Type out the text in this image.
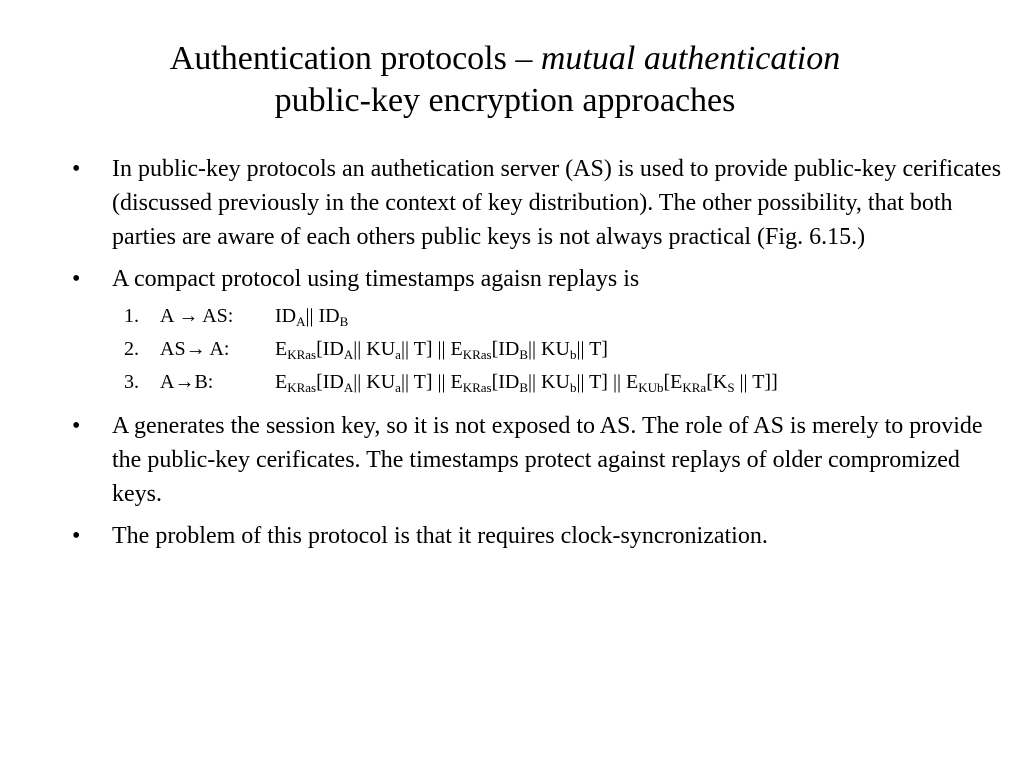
Authentication protocols – mutual authentication
public-key encryption approaches
• In public-key protocols an authetication server (AS) is used to provide public-key cerificates (discussed previously in the context of key distribution). The other possibility, that both parties are aware of each others public keys is not always practical (Fig. 6.15.)
• A compact protocol using timestamps agaisn replays is
1. A → AS: $ID_A||$ $ID_B$
2. AS→ A: $E_{KRas}[ID_A||$ $KU_a||$ T] || $E_{KRas}[ID_B||$ $KU_b||$ T]
3. A→B:	$E_{KRas}[ID_A||$ $KU_a||$ T] || $E_{KRas}[ID_B||$ $KU_b||$ T] || $E_{KUb}[E_{KRa}[K_S$ || T]]
• A generates the session key, so it is not exposed to AS. The role of AS is merely to provide the public-key cerificates. The timestamps protect against replays of older compromized keys.
• The problem of this protocol is that it requires clock-syncronization.
